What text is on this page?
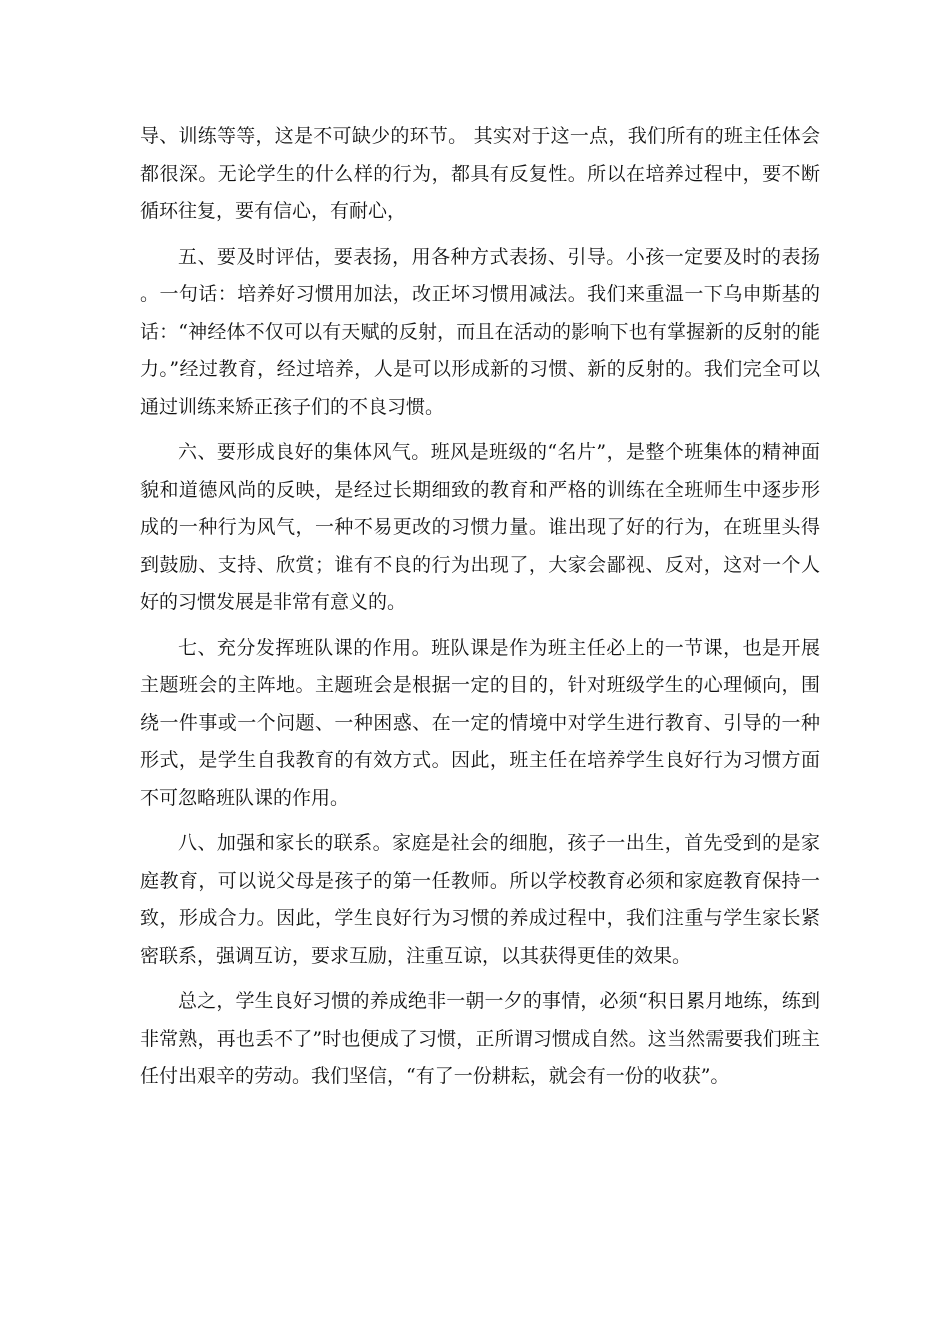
导、训练等等，这是不可缺少的环节。 其实对于这一点，我们所有的班主任体会都很深。无论学生的什么样的行为，都具有反复性。所以在培养过程中，要不断循环往复，要有信心，有耐心，

五、要及时评估，要表扬，用各种方式表扬、引导。小孩一定要及时的表扬。一句话：培养好习惯用加法，改正坏习惯用减法。我们来重温一下乌申斯基的话：“神经体不仅可以有天赋的反射，而且在活动的影响下也有掌握新的反射的能力。”经过教育，经过培养，人是可以形成新的习惯、新的反射的。我们完全可以通过训练来矫正孩子们的不良习惯。

六、要形成良好的集体风气。班风是班级的“名片”，是整个班集体的精神面貌和道德风尚的反映，是经过长期细致的教育和严格的训练在全班师生中逐步形成的一种行为风气，一种不易更改的习惯力量。谁出现了好的行为，在班里头得到鼓励、支持、欣赏；谁有不良的行为出现了，大家会鄙视、反对，这对一个人好的习惯发展是非常有意义的。

七、充分发挥班队课的作用。班队课是作为班主任必上的一节课，也是开展主题班会的主阵地。主题班会是根据一定的目的，针对班级学生的心理倾向，围绕一件事或一个问题、一种困惑、在一定的情境中对学生进行教育、引导的一种形式，是学生自我教育的有效方式。因此，班主任在培养学生良好行为习惯方面不可忽略班队课的作用。

八、加强和家长的联系。家庭是社会的细胞，孩子一出生，首先受到的是家庭教育，可以说父母是孩子的第一任教师。所以学校教育必须和家庭教育保持一致，形成合力。因此，学生良好行为习惯的养成过程中，我们注重与学生家长紧密联系，强调互访，要求互励，注重互谅，以其获得更佳的效果。

总之，学生良好习惯的养成绝非一朝一夕的事情，必须“积日累月地练，练到非常熟，再也丢不了”时也便成了习惯，正所谓习惯成自然。这当然需要我们班主任付出艰辛的劳动。我们坚信，“有了一份耕耘，就会有一份的收获”。
